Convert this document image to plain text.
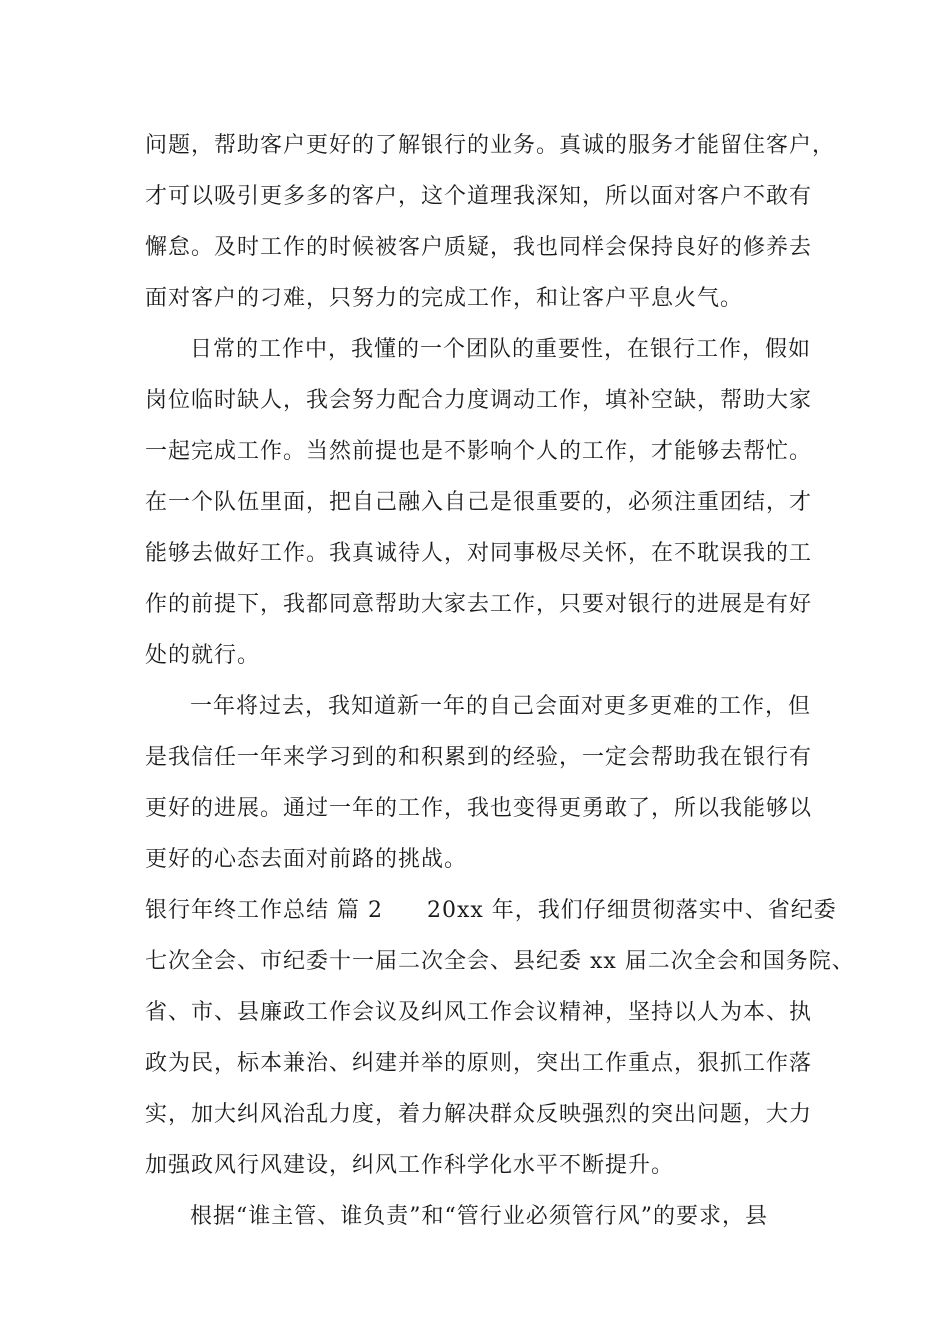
问题，帮助客户更好的了解银行的业务。真诚的服务才能留住客户，
才可以吸引更多多的客户，这个道理我深知，所以面对客户不敢有
懈怠。及时工作的时候被客户质疑，我也同样会保持良好的修养去
面对客户的刁难，只努力的完成工作，和让客户平息火气。
日常的工作中，我懂的一个团队的重要性，在银行工作，假如
岗位临时缺人，我会努力配合力度调动工作，填补空缺，帮助大家
一起完成工作。当然前提也是不影响个人的工作，才能够去帮忙。
在一个队伍里面，把自己融入自己是很重要的，必须注重团结，才
能够去做好工作。我真诚待人，对同事极尽关怀，在不耽误我的工
作的前提下，我都同意帮助大家去工作，只要对银行的进展是有好
处的就行。
一年将过去，我知道新一年的自己会面对更多更难的工作，但
是我信任一年来学习到的和积累到的经验，一定会帮助我在银行有
更好的进展。通过一年的工作，我也变得更勇敢了，所以我能够以
更好的心态去面对前路的挑战。
银行年终工作总结 篇 2 20xx 年，我们仔细贯彻落实中、省纪委
七次全会、市纪委十一届二次全会、县纪委 xx 届二次全会和国务院、
省、市、县廉政工作会议及纠风工作会议精神，坚持以人为本、执
政为民，标本兼治、纠建并举的原则，突出工作重点，狠抓工作落
实，加大纠风治乱力度，着力解决群众反映强烈的突出问题，大力
加强政风行风建设，纠风工作科学化水平不断提升。
根据“谁主管、谁负责”和“管行业必须管行风”的要求，县
